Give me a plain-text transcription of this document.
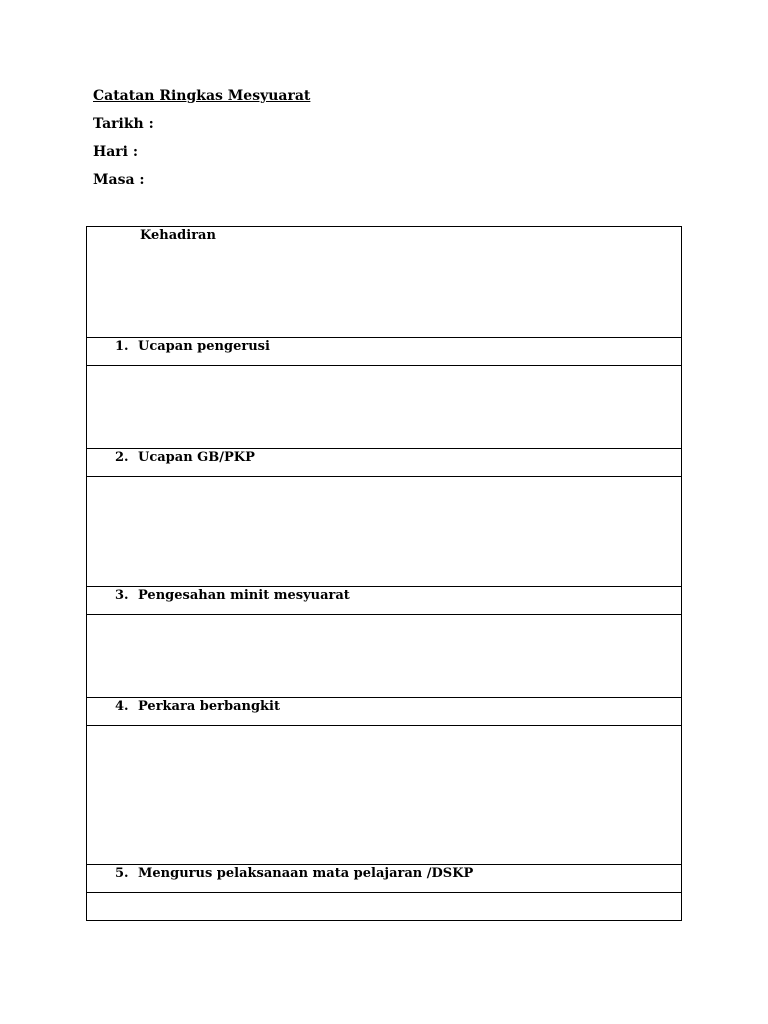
Catatan Ringkas Mesyuarat
Tarikh :
Hari :
Masa :
Kehadiran

1. Ucapan pengerusi

2. Ucapan GB/PKP

3. Pengesahan minit mesyuarat

4. Perkara berbangkit

5. Mengurus pelaksanaan mata pelajaran /DSKP
